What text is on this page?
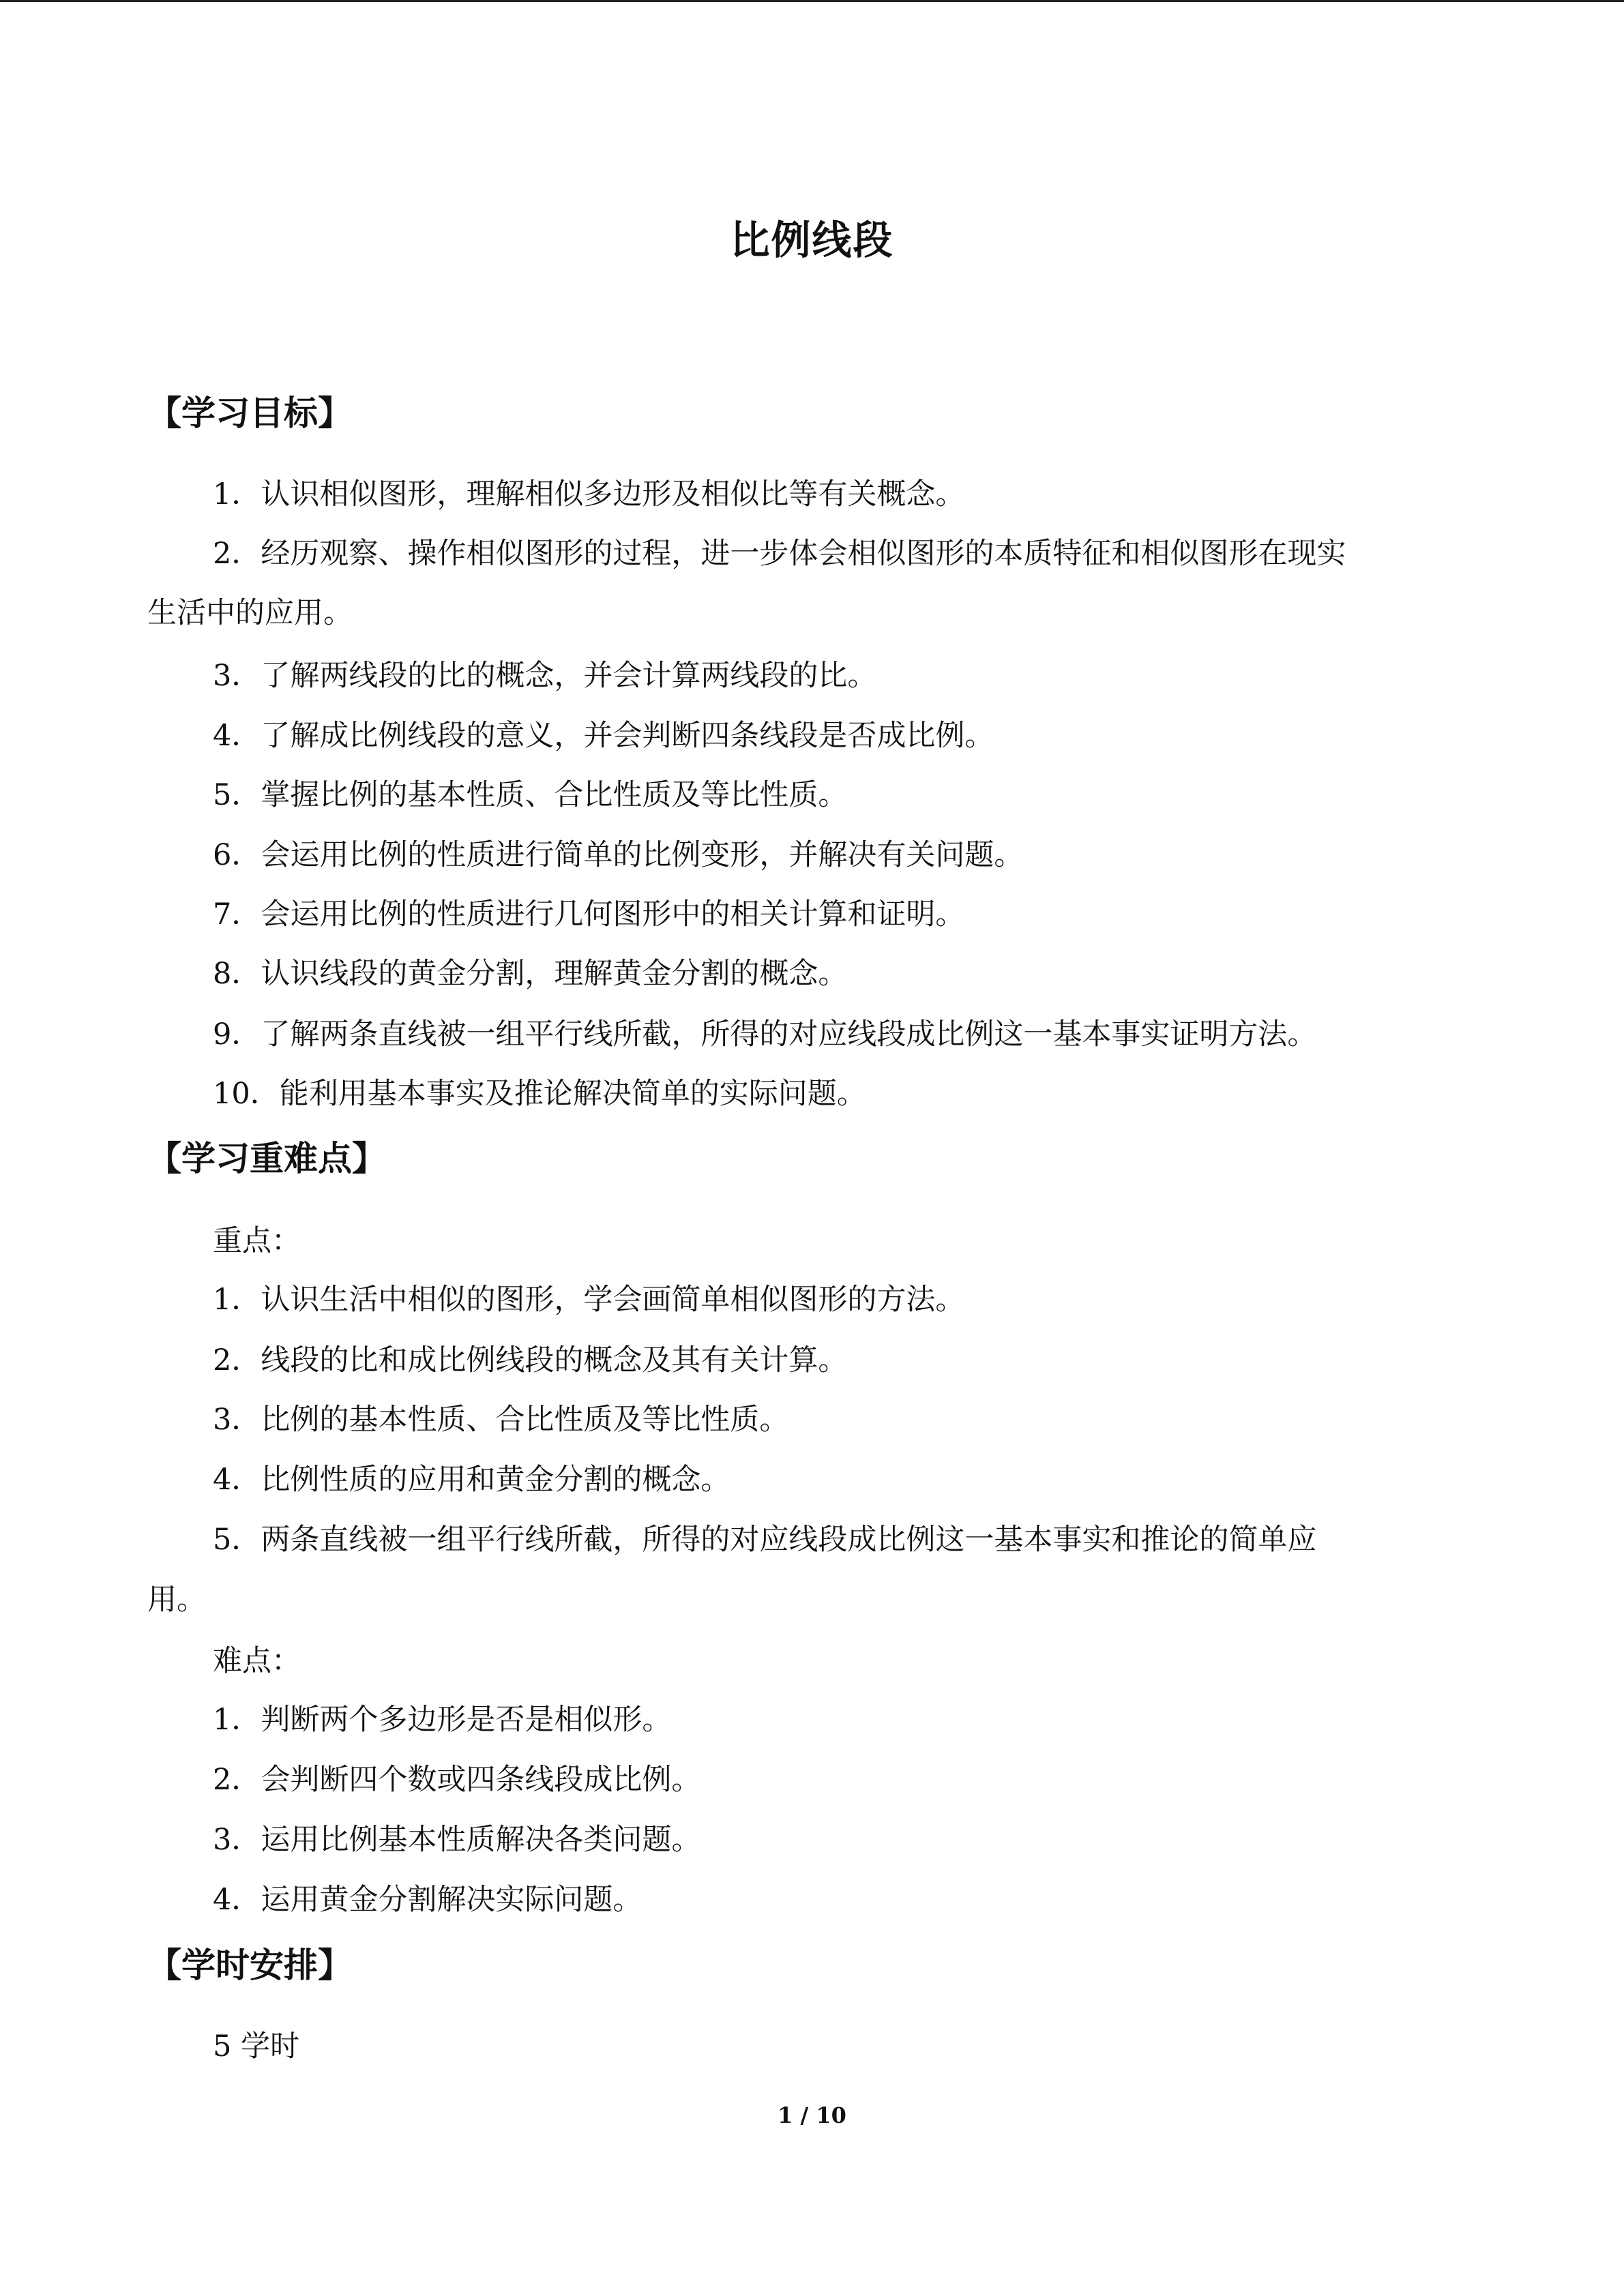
比例线段
【学习目标】
1．认识相似图形，理解相似多边形及相似比等有关概念。
2．经历观察、操作相似图形的过程，进一步体会相似图形的本质特征和相似图形在现实
生活中的应用。
3．了解两线段的比的概念，并会计算两线段的比。
4．了解成比例线段的意义，并会判断四条线段是否成比例。
5．掌握比例的基本性质、合比性质及等比性质。
6．会运用比例的性质进行简单的比例变形，并解决有关问题。
7．会运用比例的性质进行几何图形中的相关计算和证明。
8．认识线段的黄金分割，理解黄金分割的概念。
9．了解两条直线被一组平行线所截，所得的对应线段成比例这一基本事实证明方法。
10．能利用基本事实及推论解决简单的实际问题。
【学习重难点】
重点：
1．认识生活中相似的图形，学会画简单相似图形的方法。
2．线段的比和成比例线段的概念及其有关计算。
3．比例的基本性质、合比性质及等比性质。
4．比例性质的应用和黄金分割的概念。
5．两条直线被一组平行线所截，所得的对应线段成比例这一基本事实和推论的简单应
用。
难点：
1．判断两个多边形是否是相似形。
2．会判断四个数或四条线段成比例。
3．运用比例基本性质解决各类问题。
4．运用黄金分割解决实际问题。
【学时安排】
5 学时
1 / 10
